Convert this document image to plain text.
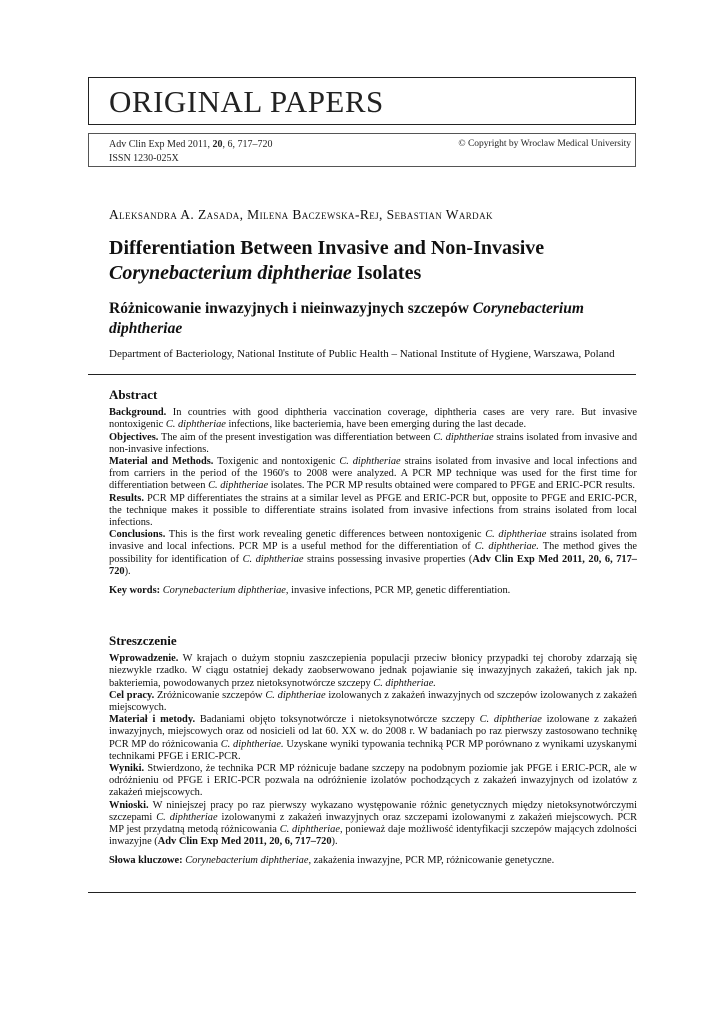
ORIGINAL PAPERS
Adv Clin Exp Med 2011, 20, 6, 717–720
ISSN 1230-025X
© Copyright by Wroclaw Medical University
Aleksandra A. Zasada, Milena Baczewska-Rej, Sebastian Wardak
Differentiation Between Invasive and Non-Invasive
Corynebacterium diphtheriae Isolates
Różnicowanie inwazyjnych i nieinwazyjnych szczepów Corynebacterium diphtheriae
Department of Bacteriology, National Institute of Public Health – National Institute of Hygiene, Warszawa, Poland
Abstract

Background. In countries with good diphtheria vaccination coverage, diphtheria cases are very rare. But invasive nontoxigenic C. diphtheriae infections, like bacteriemia, have been emerging during the last decade.

Objectives. The aim of the present investigation was differentiation between C. diphtheriae strains isolated from invasive and non-invasive infections.

Material and Methods. Toxigenic and nontoxigenic C. diphtheriae strains isolated from invasive and local infections and from carriers in the period of the 1960's to 2008 were analyzed. A PCR MP technique was used for the first time for differentiation between C. diphtheriae isolates. The PCR MP results obtained were compared to PFGE and ERIC-PCR results.

Results. PCR MP differentiates the strains at a similar level as PFGE and ERIC-PCR but, opposite to PFGE and ERIC-PCR, the technique makes it possible to differentiate strains isolated from invasive infections from strains isolated from local infections.

Conclusions. This is the first work revealing genetic differences between nontoxigenic C. diphtheriae strains isolated from invasive and local infections. PCR MP is a useful method for the differentiation of C. diphtheriae. The method gives the possibility for identification of C. diphtheriae strains possessing invasive properties (Adv Clin Exp Med 2011, 20, 6, 717–720).

Key words: Corynebacterium diphtheriae, invasive infections, PCR MP, genetic differentiation.

Streszczenie

Wprowadzenie. W krajach o dużym stopniu zaszczepienia populacji przeciw błonicy przypadki tej choroby zdarzają się niezwykle rzadko. W ciągu ostatniej dekady zaobserwowano jednak pojawianie się inwazyjnych zakażeń, takich jak np. bakteriemia, powodowanych przez nietoksynotwórcze szczepy C. diphtheriae.

Cel pracy. Zróżnicowanie szczepów C. diphtheriae izolowanych z zakażeń inwazyjnych od szczepów izolowanych z zakażeń miejscowych.

Materiał i metody. Badaniami objęto toksynotwórcze i nietoksynotwórcze szczepy C. diphtheriae izolowane z zakażeń inwazyjnych, miejscowych oraz od nosicieli od lat 60. XX w. do 2008 r. W badaniach po raz pierwszy zastosowano technikę PCR MP do różnicowania C. diphtheriae. Uzyskane wyniki typowania techniką PCR MP porównano z wynikami uzyskanymi technikami PFGE i ERIC-PCR.

Wyniki. Stwierdzono, że technika PCR MP różnicuje badane szczepy na podobnym poziomie jak PFGE i ERIC-PCR, ale w odróżnieniu od PFGE i ERIC-PCR pozwala na odróżnienie izolatów pochodzących z zakażeń inwazyjnych od izolatów z zakażeń miejscowych.

Wnioski. W niniejszej pracy po raz pierwszy wykazano występowanie różnic genetycznych między nietoksynotwórczymi szczepami C. diphtheriae izolowanymi z zakażeń inwazyjnych oraz szczepami izolowanymi z zakażeń miejscowych. PCR MP jest przydatną metodą różnicowania C. diphtheriae, ponieważ daje możliwość identyfikacji szczepów mających zdolności inwazyjne (Adv Clin Exp Med 2011, 20, 6, 717–720).

Słowa kluczowe: Corynebacterium diphtheriae, zakażenia inwazyjne, PCR MP, różnicowanie genetyczne.
